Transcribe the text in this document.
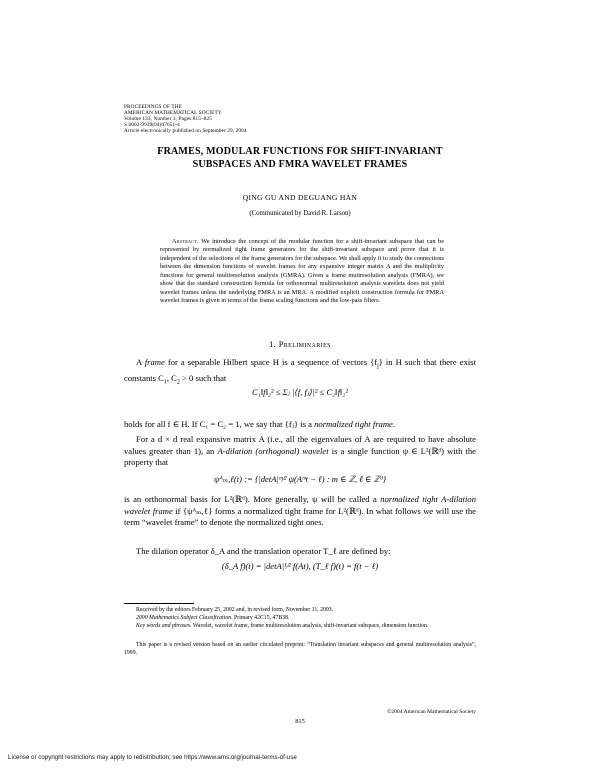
PROCEEDINGS OF THE
AMERICAN MATHEMATICAL SOCIETY
Volume 133, Number 3, Pages 815–825
S 0002-9939(04)07651-4
Article electronically published on September 29, 2004
FRAMES, MODULAR FUNCTIONS FOR SHIFT-INVARIANT
SUBSPACES AND FMRA WAVELET FRAMES
QING GU AND DEGUANG HAN
(Communicated by David R. Larson)
Abstract. We introduce the concept of the modular function for a shift-invariant subspace that can be represented by normalized tight frame generators for the shift-invariant subspace and prove that it is independent of the selections of the frame generators for the subspace. We shall apply it to study the connections between the dimension functions of wavelet frames for any expansive integer matrix A and the multiplicity functions for general multiresolution analysis (GMRA). Given a frame mutiresolution analysis (FMRA), we show that the standard construction formula for orthonormal multiresolution analysis wavelets does not yield wavelet frames unless the underlying FMRA is an MRA. A modified explicit construction formula for FMRA wavelet frames is given in terms of the frame scaling functions and the low-pass filters.
1. Preliminaries
A frame for a separable Hilbert space H is a sequence of vectors $\{f_j\}$ in H such that there exist constants $C_1$, $C_2 > 0$ such that
C₁‖f‖₂² ≤ Σⱼ |⟨f, fⱼ⟩|² ≤ C₂‖f‖₂²
holds for all f ∈ H. If C₁ = C₂ = 1, we say that {fⱼ} is a normalized tight frame.
For a d × d real expansive matrix A (i.e., all the eigenvalues of A are required to have absolute values greater than 1), an A-dilation (orthogonal) wavelet is a single function ψ ∈ L²(ℝᵈ) with the property that
ψᴬₘ,ℓ(t) := {|detA|ᵐ⁄² ψ(Aᵐt − ℓ) : m ∈ ℤ, ℓ ∈ ℤᵈ}
is an orthonormal basis for L²(ℝᵈ). More generally, ψ will be called a normalized tight A-dilation wavelet frame if {ψᴬₘ,ℓ} forms a normalized tight frame for L²(ℝᵈ). In what follows we will use the term “wavelet frame” to denote the normalized tight ones.
The dilation operator δ_A and the translation operator T_ℓ are defined by:
(δ_A f)(t) = |detA|¹⁄² f(At), (T_ℓ f)(t) = f(t − ℓ)
Received by the editors February 25, 2002 and, in revised form, November 11, 2003.
2000 Mathematics Subject Classification. Primary 42C15, 47B38.
Key words and phrases. Wavelet, wavelet frame, frame multiresolution analysis, shift-invariant subspace, dimension function.
This paper is a revised version based on an earlier circulated preprint: “Translation invariant subspaces and general multiresolution analysis”, 1999.
©2004 American Mathematical Society
815
License or copyright restrictions may apply to redistribution; see https://www.ams.org/journal-terms-of-use
